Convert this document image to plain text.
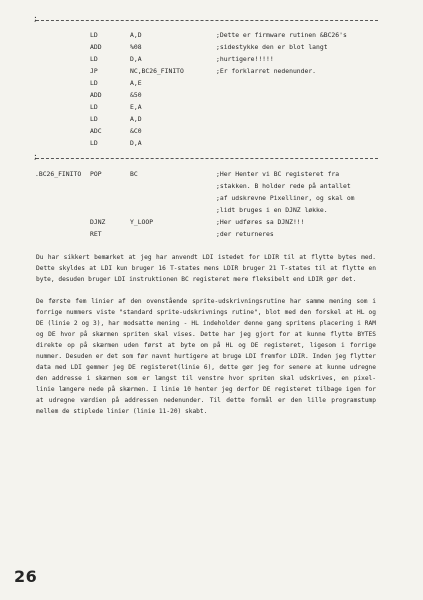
;
LD	A,D	;Dette er firmware rutinen &BC26's
ADD	%08	;sidestykke den er blot langt
LD	D,A	;hurtigere!!!!!
JP	NC,BC26_FINITO	;Er forklarret nedenunder.
LD	A,E
ADD	&50
LD	E,A
LD	A,D
ADC	&C0
LD	D,A
;
.BC26_FINITO POP	BC	;Her Henter vi BC registeret fra
;stakken. B holder rede på antallet
;af udskrevne Pixelliner, og skal om
;lidt bruges i en DJNZ løkke.
DJNZ	Y_LOOP	;Her udføres sa DJNZ!!!
RET	;der returneres

Du har sikkert bemærket at jeg har anvendt LDI istedet for LDIR til at flytte bytes med. Dette skyldes at LDI kun bruger 16 T-states mens LDIR bruger 21 T-states til at flytte en byte, desuden bruger LDI instruktionen BC registeret mere fleksibelt end LDIR gør det.

De første fem linier af den ovenstående sprite-udskrivningsrutine har samme mening som i forrige nummers viste "standard sprite-udskrivnings rutine", blot med den forskel at HL og DE (linie 2 og 3), har modsatte mening - HL indeholder denne gang spritens placering i RAM og DE hvor på skærmen spriten skal vises. Dette har jeg gjort for at kunne flytte BYTES direkte op på skærmen uden først at byte om på HL og DE registeret, ligesom i forrige nummer. Desuden er det som før navnt hurtigere at bruge LDI fremfor LDIR. Inden jeg flytter data med LDI gemmer jeg DE registeret(linie 6), dette gør jeg for senere at kunne udregne den addresse i skærmen som er længst til venstre hvor spriten skal udskrives, en pixel-linie længere nede på skærmen. I linie 10 henter jeg derfor DE registeret tilbage igen for at udregne værdien på addressen nedenunder. Til dette formål er den lille programstump mellem de stiplede linier (linie 11-20) skabt.

26
